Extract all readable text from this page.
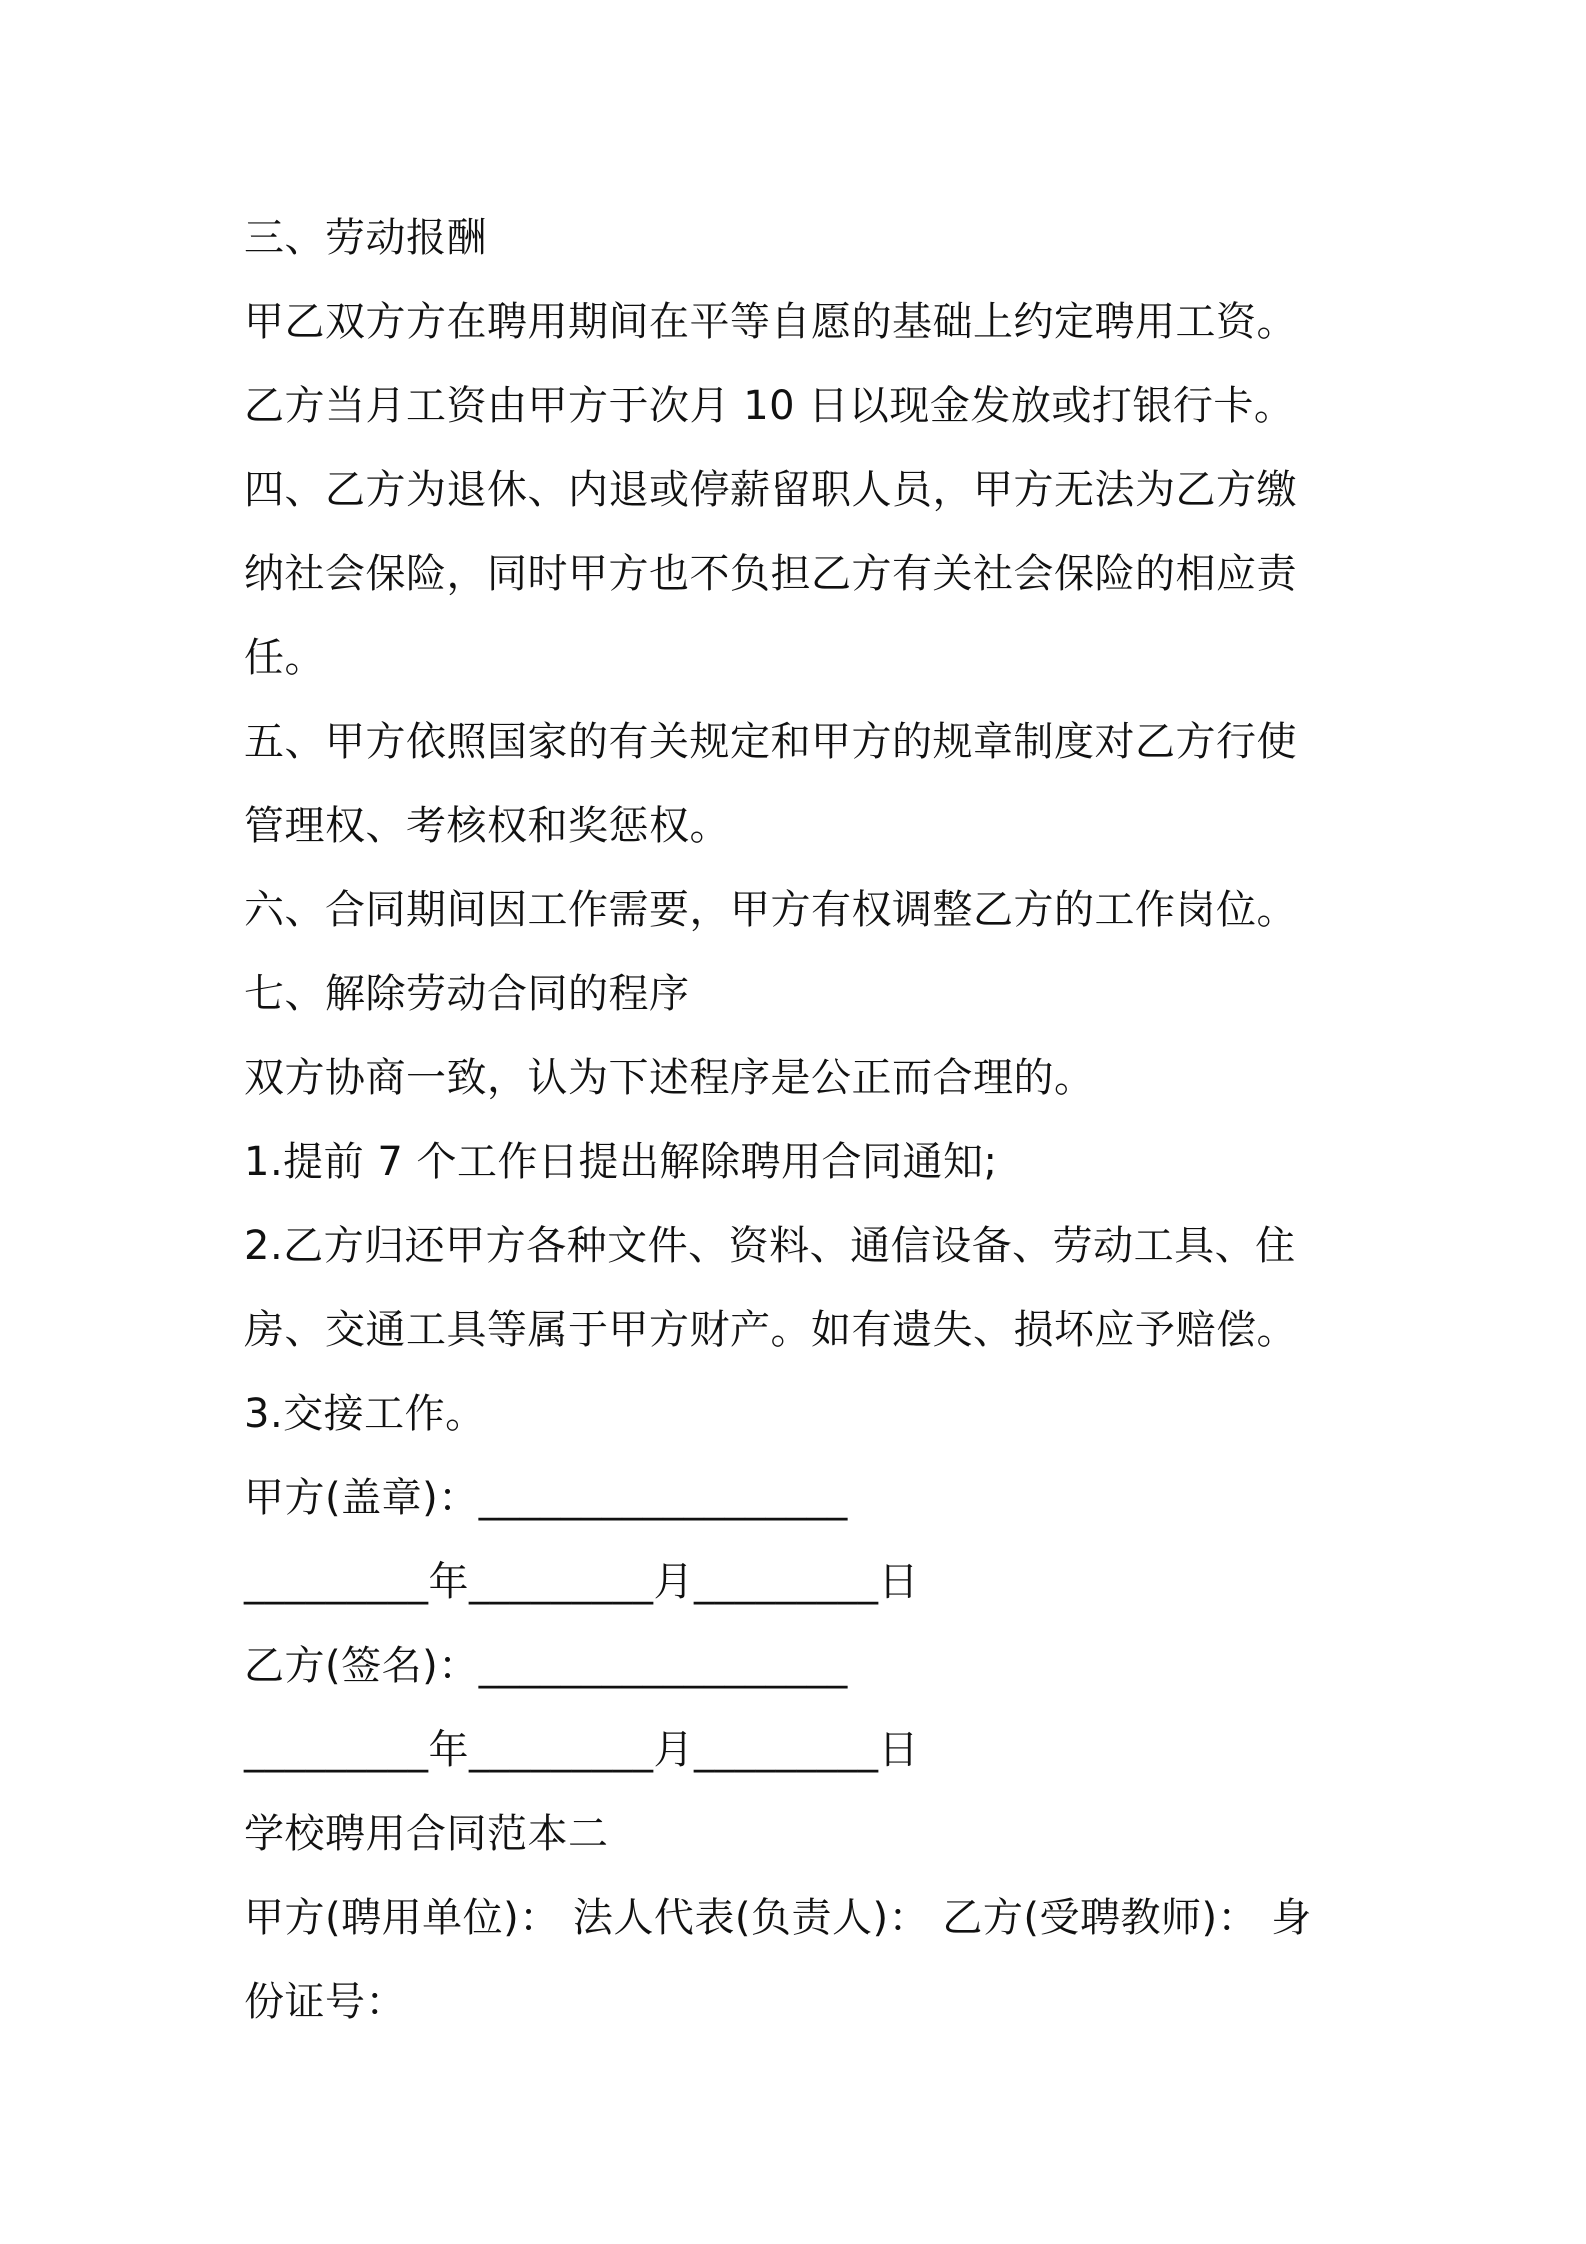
三、劳动报酬
甲乙双方方在聘用期间在平等自愿的基础上约定聘用工资。
乙方当月工资由甲方于次月 10 日以现金发放或打银行卡。
四、乙方为退休、内退或停薪留职人员，甲方无法为乙方缴
纳社会保险，同时甲方也不负担乙方有关社会保险的相应责
任。
五、甲方依照国家的有关规定和甲方的规章制度对乙方行使
管理权、考核权和奖惩权。
六、合同期间因工作需要，甲方有权调整乙方的工作岗位。
七、解除劳动合同的程序
双方协商一致，认为下述程序是公正而合理的。
1.提前 7 个工作日提出解除聘用合同通知;
2.乙方归还甲方各种文件、资料、通信设备、劳动工具、住
房、交通工具等属于甲方财产。如有遗失、损坏应予赔偿。
3.交接工作。
甲方(盖章)：__________________
_________年_________月_________日
乙方(签名)：__________________
_________年_________月_________日
学校聘用合同范本二
甲方(聘用单位)： 法人代表(负责人)： 乙方(受聘教师)： 身
份证号：
